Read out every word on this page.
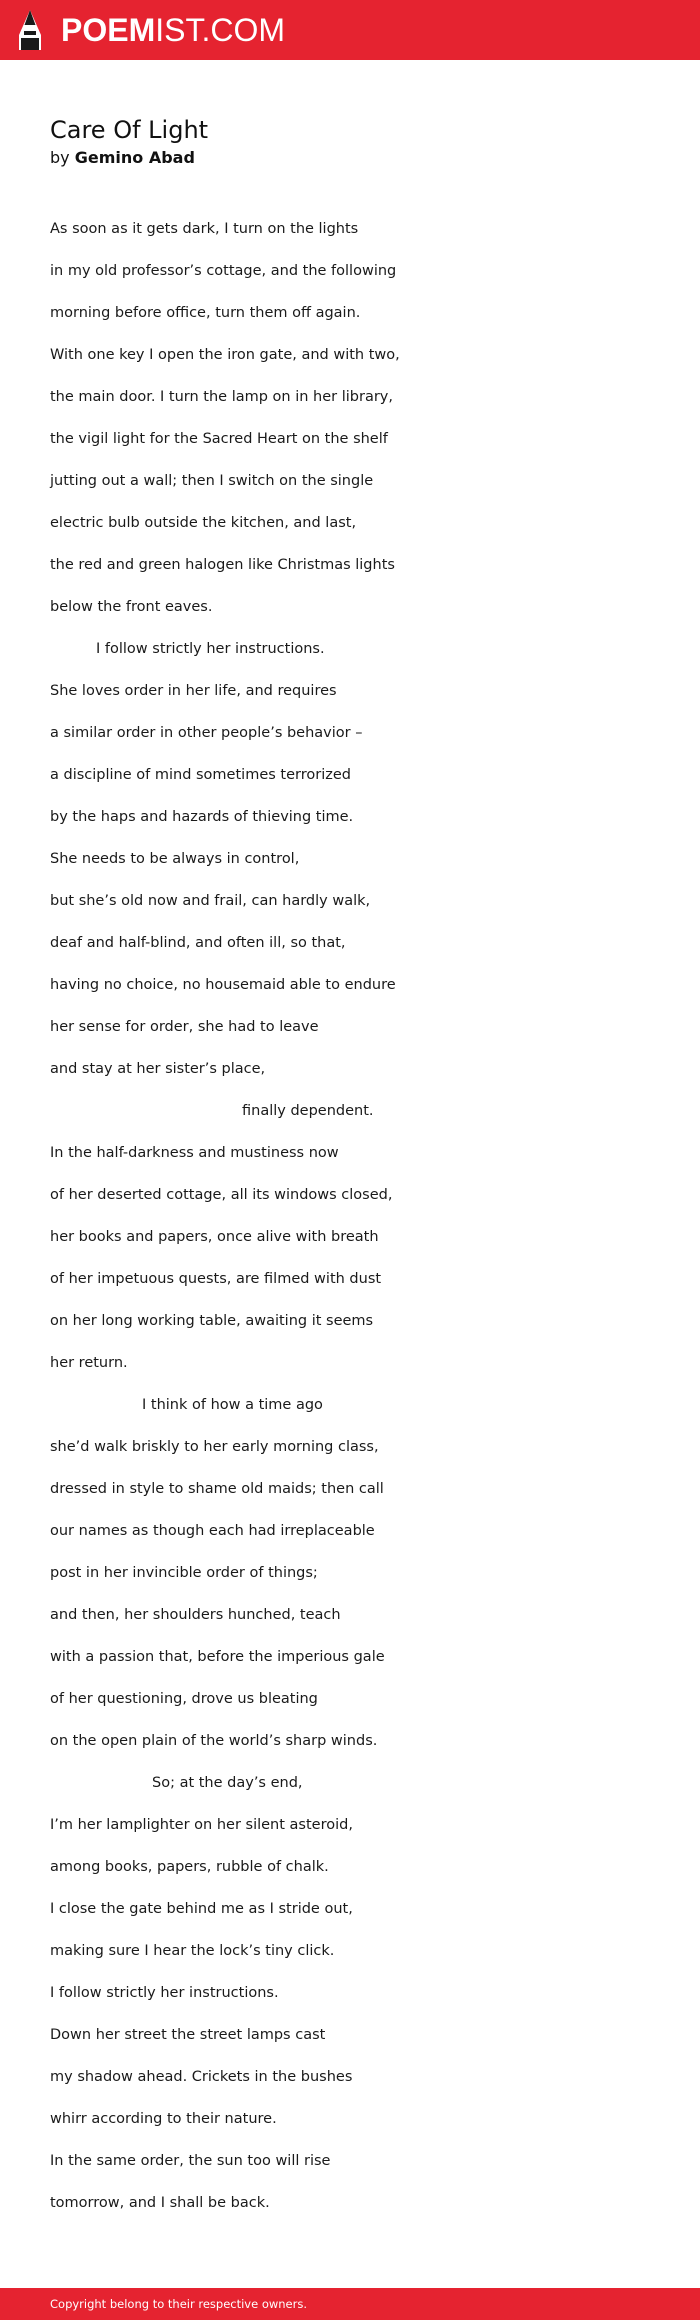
POEMIST.COM
Care Of Light
by Gemino Abad
As soon as it gets dark, I turn on the lights
in my old professor’s cottage, and the following
morning before office, turn them off again.
With one key I open the iron gate, and with two,
the main door. I turn the lamp on in her library,
the vigil light for the Sacred Heart on the shelf
jutting out a wall; then I switch on the single
electric bulb outside the kitchen, and last,
the red and green halogen like Christmas lights
below the front eaves.
I follow strictly her instructions.
She loves order in her life, and requires
a similar order in other people’s behavior –
a discipline of mind sometimes terrorized
by the haps and hazards of thieving time.
She needs to be always in control,
but she’s old now and frail, can hardly walk,
deaf and half-blind, and often ill, so that,
having no choice, no housemaid able to endure
her sense for order, she had to leave
and stay at her sister’s place,
finally dependent.
In the half-darkness and mustiness now
of her deserted cottage, all its windows closed,
her books and papers, once alive with breath
of her impetuous quests, are filmed with dust
on her long working table, awaiting it seems
her return.
I think of how a time ago
she’d walk briskly to her early morning class,
dressed in style to shame old maids; then call
our names as though each had irreplaceable
post in her invincible order of things;
and then, her shoulders hunched, teach
with a passion that, before the imperious gale
of her questioning, drove us bleating
on the open plain of the world’s sharp winds.
So; at the day’s end,
I’m her lamplighter on her silent asteroid,
among books, papers, rubble of chalk.
I close the gate behind me as I stride out,
making sure I hear the lock’s tiny click.
I follow strictly her instructions.
Down her street the street lamps cast
my shadow ahead. Crickets in the bushes
whirr according to their nature.
In the same order, the sun too will rise
tomorrow, and I shall be back.
Copyright belong to their respective owners.
